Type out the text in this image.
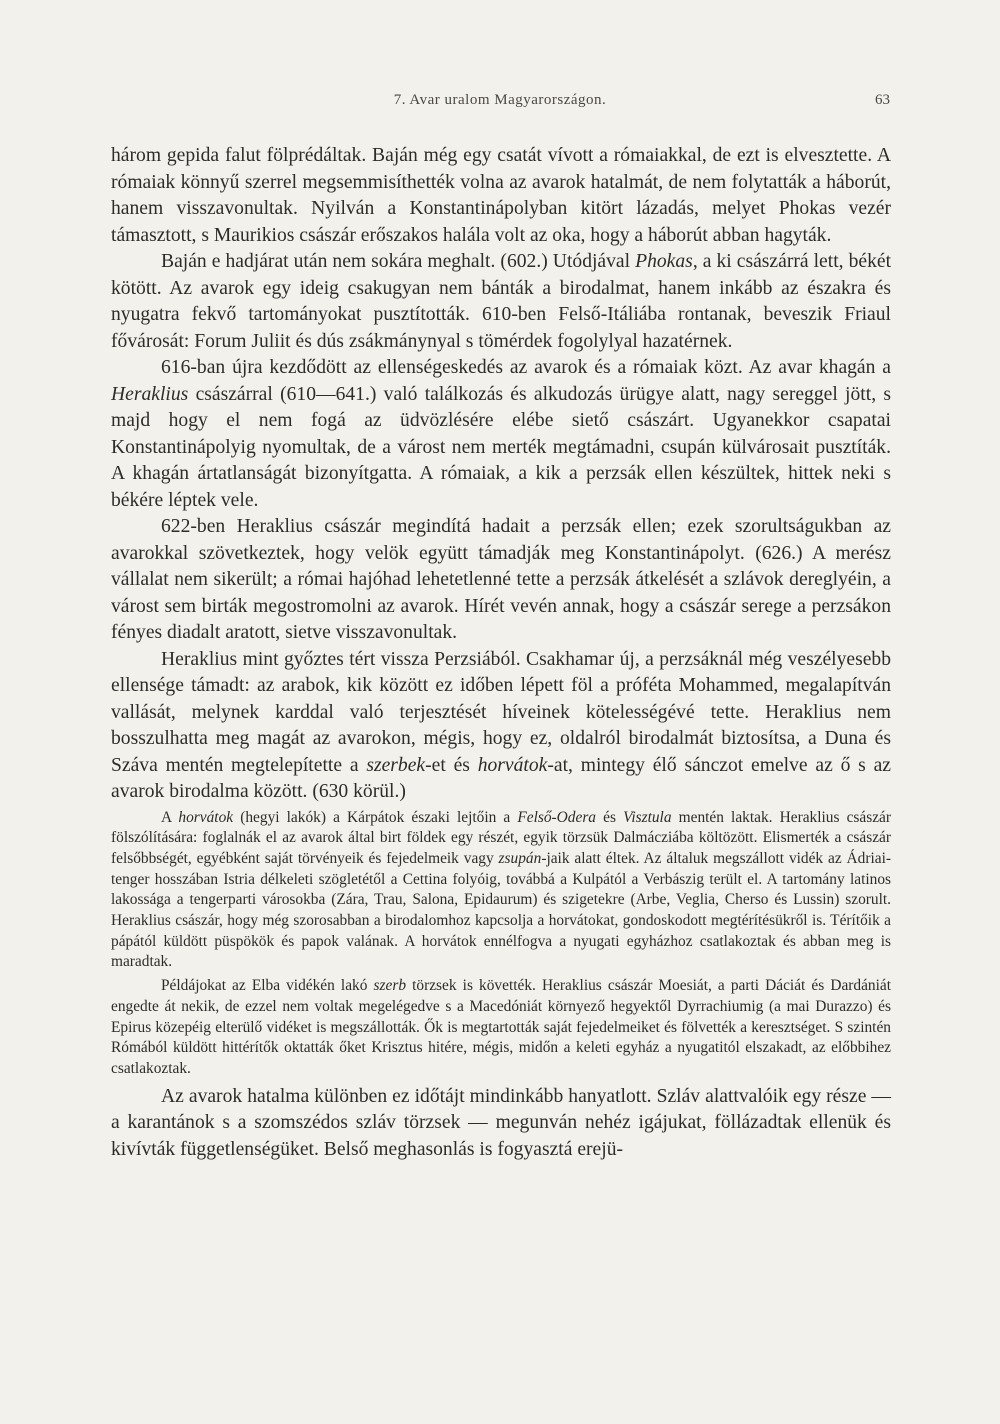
7. Avar uralom Magyarországon.	63

három gepida falut fölprédáltak. Baján még egy csatát vívott a rómaiakkal, de ezt is elvesztette. A rómaiak könnyű szerrel megsemmisíthették volna az avarok hatalmát, de nem folytatták a háborút, hanem visszavonultak. Nyilván a Konstantinápolyban kitört lázadás, melyet Phokas vezér támasztott, s Maurikios császár erőszakos halála volt az oka, hogy a háborút abban hagyták.

Baján e hadjárat után nem sokára meghalt. (602.) Utódjával Phokas, a ki császárrá lett, békét kötött. Az avarok egy ideig csakugyan nem bánták a birodalmat, hanem inkább az északra és nyugatra fekvő tartományokat pusztították. 610-ben Felső-Itáliába rontanak, beveszik Friaul fővárosát: Forum Juliit és dús zsákmánynyal s tömérdek fogolylyal hazatérnek.

616-ban újra kezdődött az ellenségeskedés az avarok és a rómaiak közt. Az avar khagán a Heraklius császárral (610—641.) való találkozás és alkudozás ürügye alatt, nagy sereggel jött, s majd hogy el nem fogá az üdvözlésére elébe siető császárt. Ugyanekkor csapatai Konstantinápolyig nyomultak, de a várost nem merték megtámadni, csupán külvárosait pusztíták. A khagán ártatlanságát bizonyítgatta. A rómaiak, a kik a perzsák ellen készültek, hittek neki s békére léptek vele.

622-ben Heraklius császár megindítá hadait a perzsák ellen; ezek szorultságukban az avarokkal szövetkeztek, hogy velök együtt támadják meg Konstantinápolyt. (626.) A merész vállalat nem sikerült; a római hajóhad lehetetlenné tette a perzsák átkelését a szlávok dereglyéin, a várost sem birták megostromolni az avarok. Hírét vevén annak, hogy a császár serege a perzsákon fényes diadalt aratott, sietve visszavonultak.

Heraklius mint győztes tért vissza Perzsiából. Csakhamar új, a perzsáknál még veszélyesebb ellensége támadt: az arabok, kik között ez időben lépett föl a próféta Mohammed, megalapítván vallását, melynek karddal való terjesztését híveinek kötelességévé tette. Heraklius nem bosszulhatta meg magát az avarokon, mégis, hogy ez, oldalról birodalmát biztosítsa, a Duna és Száva mentén megtelepítette a szerbek-et és horvátok-at, mintegy élő sánczot emelve az ő s az avarok birodalma között. (630 körül.)

A horvátok (hegyi lakók) a Kárpátok északi lejtőin a Felső-Odera és Visztula mentén laktak. Heraklius császár fölszólítására: foglalnák el az avarok által birt földek egy részét, egyik törzsük Dalmácziába költözött. Elismerték a császár felsőbbségét, egyébként saját törvényeik és fejedelmeik vagy zsupán-jaik alatt éltek. Az általuk megszállott vidék az Ádriai-tenger hosszában Istria délkeleti szögletétől a Cettina folyóig, továbbá a Kulpától a Verbászig terült el. A tartomány latinos lakossága a tengerparti városokba (Zára, Trau, Salona, Epidaurum) és szigetekre (Arbe, Veglia, Cherso és Lussin) szorult. Heraklius császár, hogy még szorosabban a birodalomhoz kapcsolja a horvátokat, gondoskodott megtérítésükről is. Térítőik a pápától küldött püspökök és papok valának. A horvátok ennélfogva a nyugati egyházhoz csatlakoztak és abban meg is maradtak.

Példájokat az Elba vidékén lakó szerb törzsek is követték. Heraklius császár Moesiát, a parti Dáciát és Dardániát engedte át nekik, de ezzel nem voltak megelégedve s a Macedóniát környező hegyektől Dyrrachiumig (a mai Durazzo) és Epirus közepéig elterülő vidéket is megszállották. Ők is megtartották saját fejedelmeiket és fölvették a keresztséget. S szintén Rómából küldött hittérítők oktatták őket Krisztus hitére, mégis, midőn a keleti egyház a nyugatitól elszakadt, az előbbihez csatlakoztak.

Az avarok hatalma különben ez időtájt mindinkább hanyatlott. Szláv alattvalóik egy része — a karantánok s a szomszédos szláv törzsek — megunván nehéz igájukat, föllázadtak ellenük és kivívták függetlenségüket. Belső meghasonlás is fogyasztá erejü-
